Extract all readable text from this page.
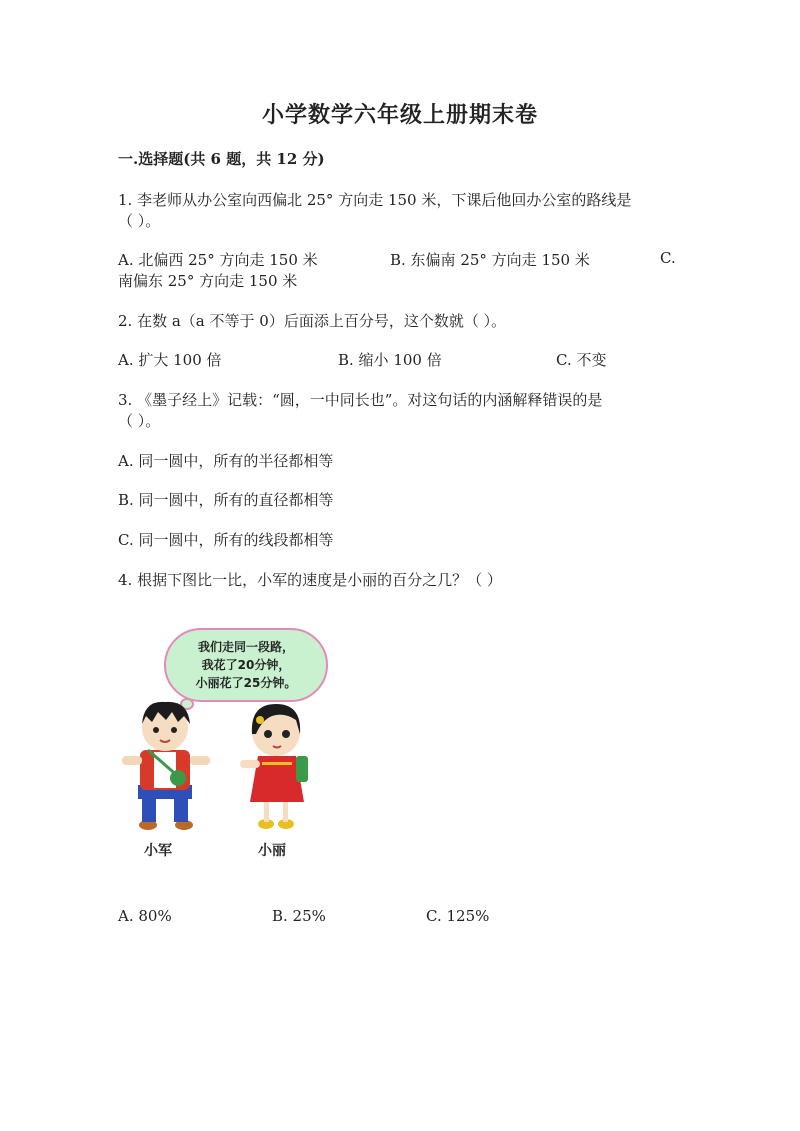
小学数学六年级上册期末卷
一.选择题(共 6 题，共 12 分)
1. 李老师从办公室向西偏北 25° 方向走 150 米，下课后他回办公室的路线是
（ ）。
A. 北偏西 25° 方向走 150 米	B. 东偏南 25° 方向走 150 米	C.
南偏东 25° 方向走 150 米
2. 在数 a（a 不等于 0）后面添上百分号，这个数就（ ）。
A. 扩大 100 倍	B. 缩小 100 倍	C. 不变
3. 《墨子经上》记载：“圆，一中同长也”。对这句话的内涵解释错误的是
（ ）。
A. 同一圆中，所有的半径都相等
B. 同一圆中，所有的直径都相等
C. 同一圆中，所有的线段都相等
4. 根据下图比一比，小军的速度是小丽的百分之几？（ ）
我们走同一段路，
我花了20分钟，
小丽花了25分钟。
小军	小丽
A. 80%	B. 25%	C. 125%
